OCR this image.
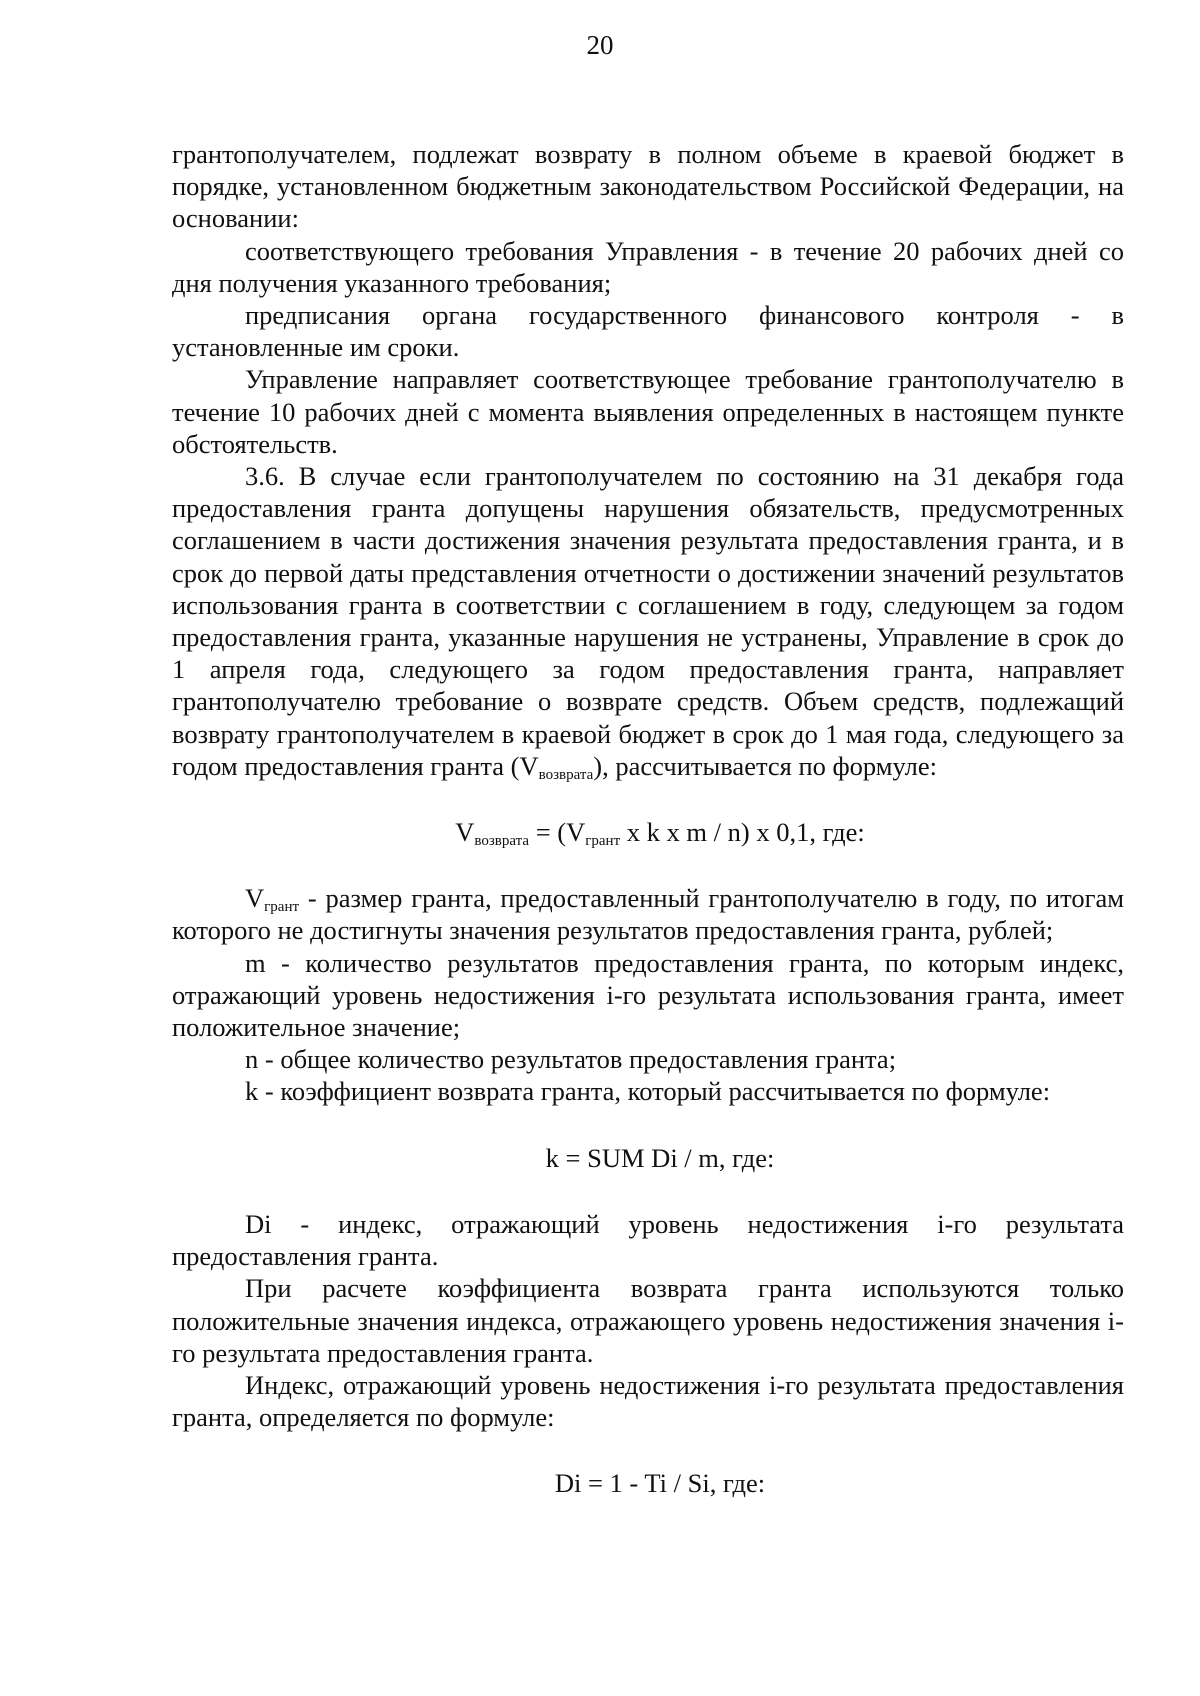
20

грантополучателем, подлежат возврату в полном объеме в краевой бюджет в порядке, установленном бюджетным законодательством Российской Федерации, на основании:

соответствующего требования Управления - в течение 20 рабочих дней со дня получения указанного требования;

предписания органа государственного финансового контроля - в установленные им сроки.

Управление направляет соответствующее требование грантополучателю в течение 10 рабочих дней с момента выявления определенных в настоящем пункте обстоятельств.

3.6. В случае если грантополучателем по состоянию на 31 декабря года предоставления гранта допущены нарушения обязательств, предусмотренных соглашением в части достижения значения результата предоставления гранта, и в срок до первой даты представления отчетности о достижении значений результатов использования гранта в соответствии с соглашением в году, следующем за годом предоставления гранта, указанные нарушения не устранены, Управление в срок до 1 апреля года, следующего за годом предоставления гранта, направляет грантополучателю требование о возврате средств. Объем средств, подлежащий возврату грантополучателем в краевой бюджет в срок до 1 мая года, следующего за годом предоставления гранта $(V_{возврата})$, рассчитывается по формуле:

$V_{возврата} = (V_{грант}$ x k x m / n) x 0,1, где:

$V_{грант}$ - размер гранта, предоставленный грантополучателю в году, по итогам которого не достигнуты значения результатов предоставления гранта, рублей;

m - количество результатов предоставления гранта, по которым индекс, отражающий уровень недостижения i-го результата использования гранта, имеет положительное значение;

n - общее количество результатов предоставления гранта;

k - коэффициент возврата гранта, который рассчитывается по формуле:

k = SUM Di / m, где:

Di - индекс, отражающий уровень недостижения i-го результата предоставления гранта.

При расчете коэффициента возврата гранта используются только положительные значения индекса, отражающего уровень недостижения значения i-го результата предоставления гранта.

Индекс, отражающий уровень недостижения i-го результата предоставления гранта, определяется по формуле:

Di = 1 - Ti / Si, где:
